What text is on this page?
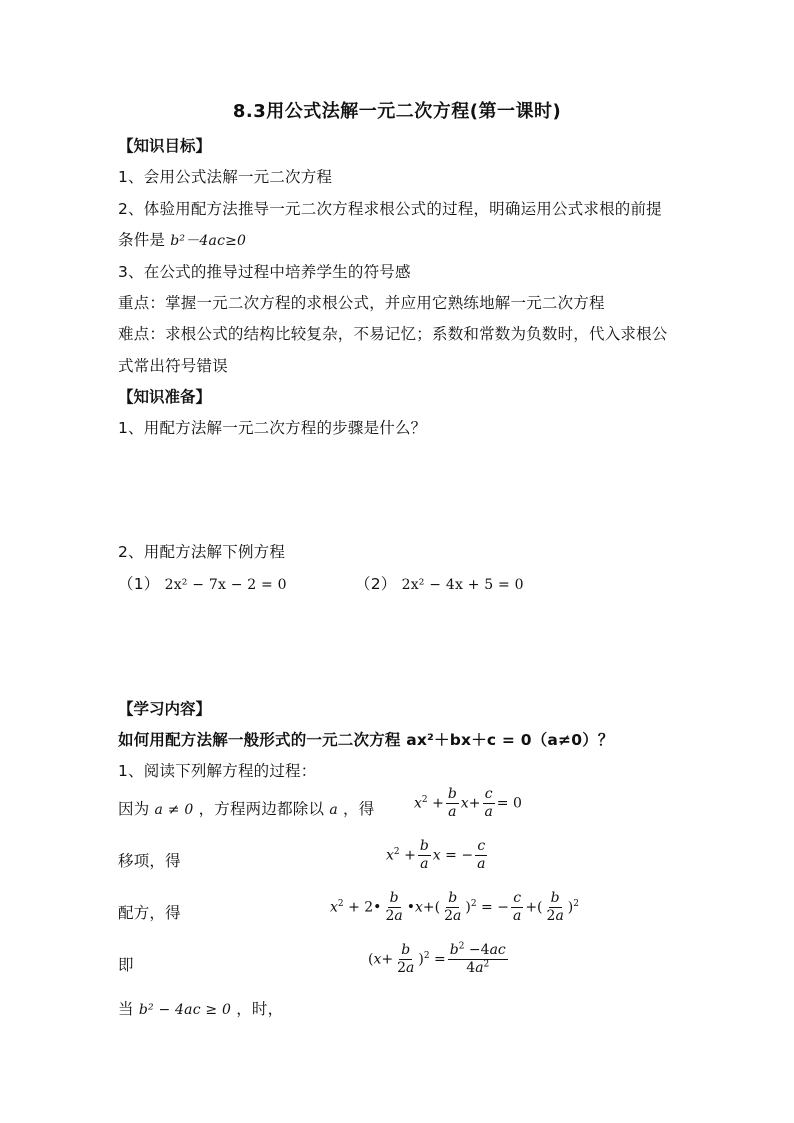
8.3用公式法解一元二次方程(第一课时)
【知识目标】
1、会用公式法解一元二次方程
2、体验用配方法推导一元二次方程求根公式的过程，明确运用公式求根的前提
条件是 b²－4ac≥0
3、在公式的推导过程中培养学生的符号感
重点：掌握一元二次方程的求根公式，并应用它熟练地解一元二次方程
难点：求根公式的结构比较复杂，不易记忆；系数和常数为负数时，代入求根公
式常出符号错误
【知识准备】
1、用配方法解一元二次方程的步骤是什么？
2、用配方法解下例方程
（1） 2x² − 7x − 2 = 0	（2） 2x² − 4x + 5 = 0
【学习内容】
如何用配方法解一般形式的一元二次方程 ax²＋bx＋c = 0（a≠0）？
1、阅读下列解方程的过程：
因为 a ≠ 0 ，方程两边都除以 a ，得	$x^2 + \frac{b}{a} x+ \frac{c}{a} = 0$
移项，得	$x^2 + \frac{b}{a}$ x = − $\frac{c}{a}$
配方，得	$x^2$ + 2• $\frac{b}{2a}$ •x+( $\frac{b}{2a} )^2$ = − $\frac{c}{a}$ +( $\frac{b}{2a} )^2$
即	$(x+ \frac{b}{2a} )^2 = \frac{b^2 -4ac}{4a^2}$
当 b² − 4ac ≥ 0 ，时，
